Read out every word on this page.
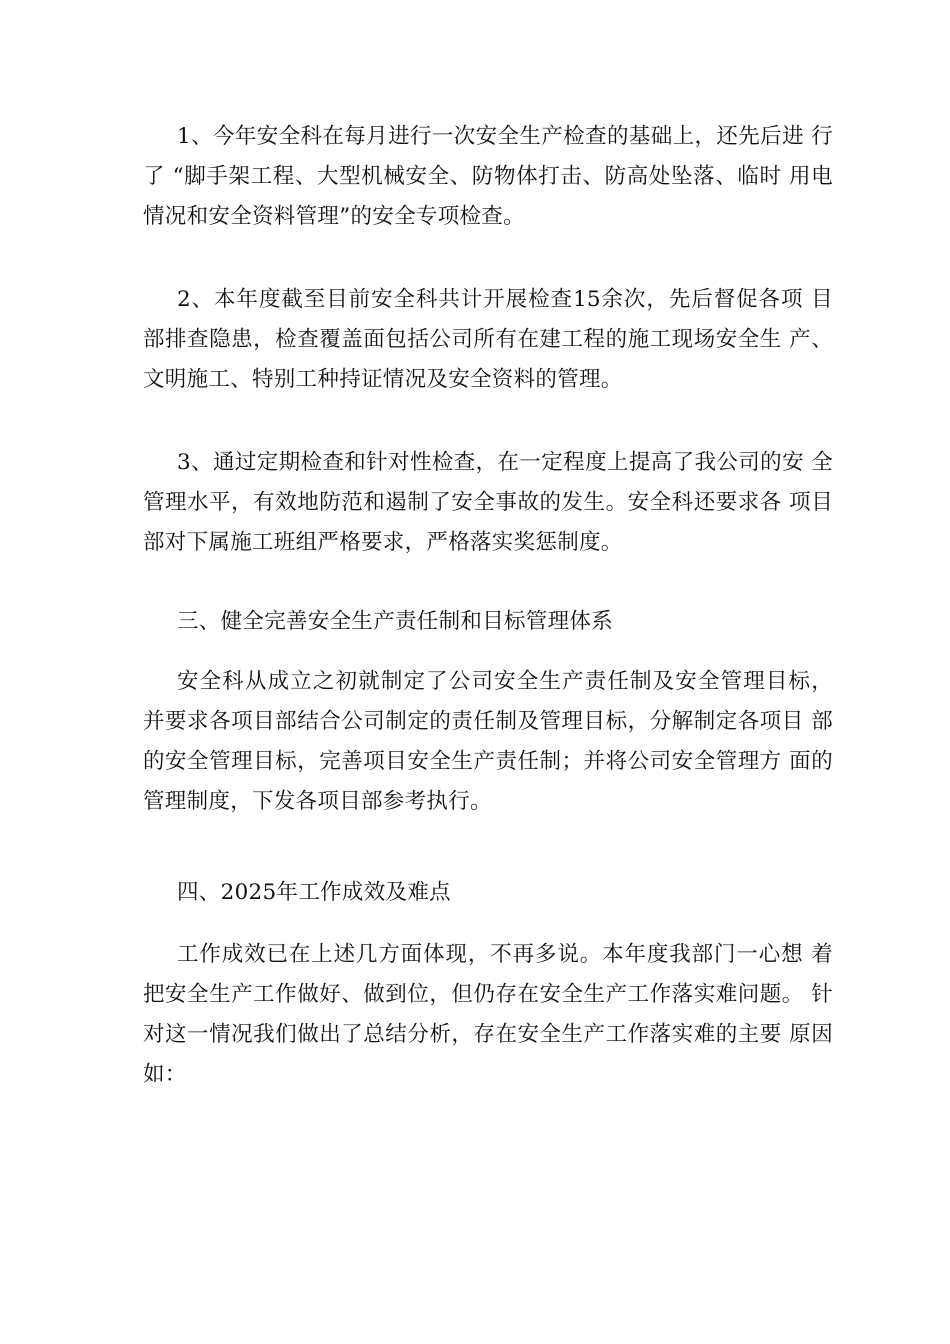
1、今年安全科在每月进行一次安全生产检查的基础上，还先后进 行了 “脚手架工程、大型机械安全、防物体打击、防高处坠落、临时 用电情况和安全资料管理”的安全专项检查。

2、本年度截至目前安全科共计开展检查15余次，先后督促各项 目部排查隐患，检查覆盖面包括公司所有在建工程的施工现场安全生 产、文明施工、特别工种持证情况及安全资料的管理。

3、通过定期检查和针对性检查，在一定程度上提高了我公司的安 全管理水平，有效地防范和遏制了安全事故的发生。安全科还要求各 项目部对下属施工班组严格要求，严格落实奖惩制度。

三、健全完善安全生产责任制和目标管理体系

安全科从成立之初就制定了公司安全生产责任制及安全管理目标， 并要求各项目部结合公司制定的责任制及管理目标，分解制定各项目 部的安全管理目标，完善项目安全生产责任制；并将公司安全管理方 面的管理制度，下发各项目部参考执行。

四、2025年工作成效及难点

工作成效已在上述几方面体现，不再多说。本年度我部门一心想 着把安全生产工作做好、做到位，但仍存在安全生产工作落实难问题。 针对这一情况我们做出了总结分析，存在安全生产工作落实难的主要 原因如：
